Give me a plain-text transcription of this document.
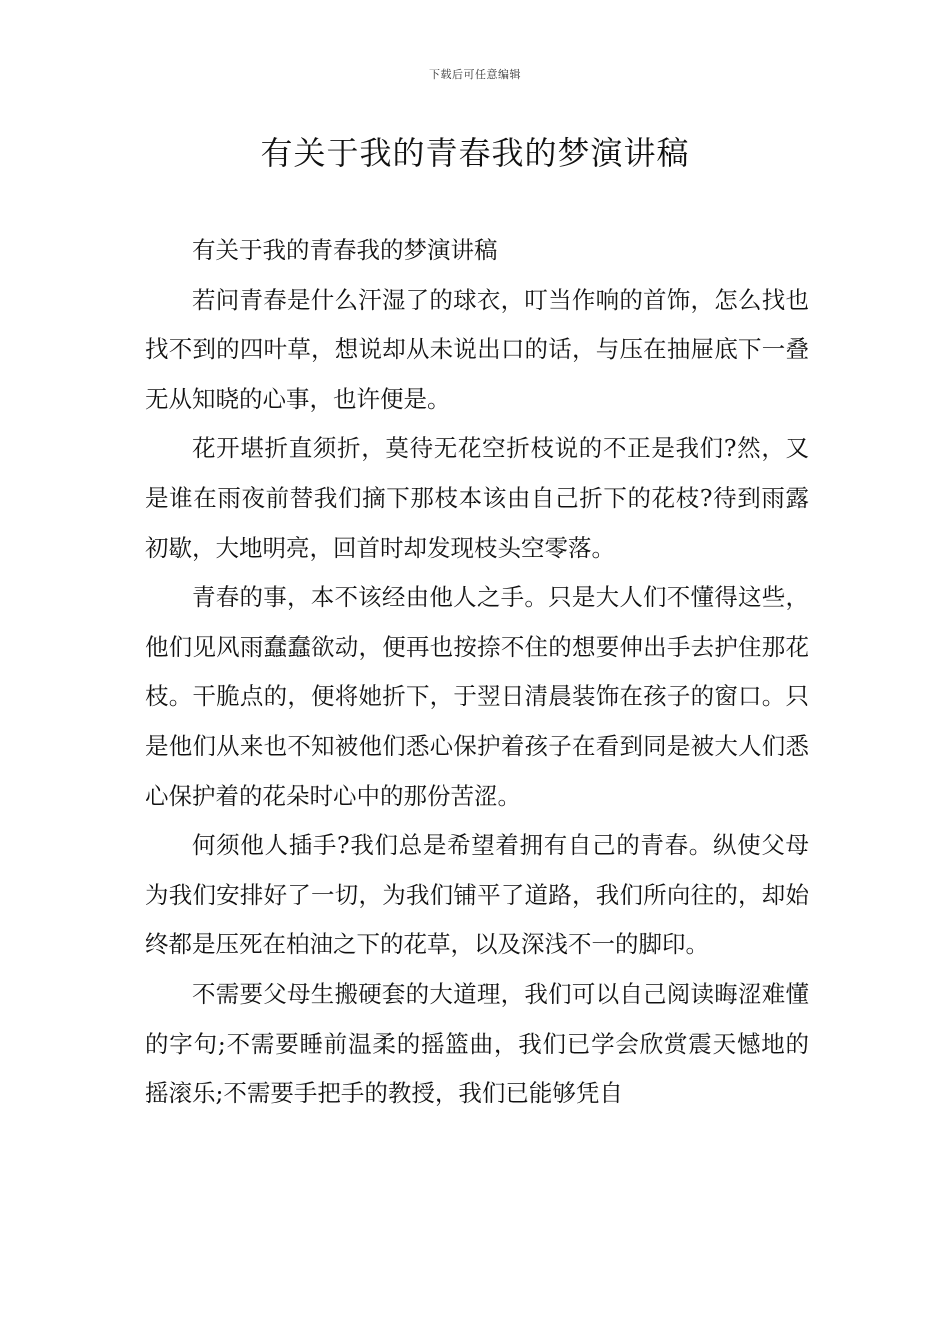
下载后可任意编辑
有关于我的青春我的梦演讲稿

有关于我的青春我的梦演讲稿

若问青春是什么汗湿了的球衣，叮当作响的首饰，怎么找也找不到的四叶草，想说却从未说出口的话，与压在抽屉底下一叠无从知晓的心事，也许便是。

花开堪折直须折，莫待无花空折枝说的不正是我们?然，又是谁在雨夜前替我们摘下那枝本该由自己折下的花枝?待到雨露初歇，大地明亮，回首时却发现枝头空零落。

青春的事，本不该经由他人之手。只是大人们不懂得这些，他们见风雨蠢蠢欲动，便再也按捺不住的想要伸出手去护住那花枝。干脆点的，便将她折下，于翌日清晨装饰在孩子的窗口。只是他们从来也不知被他们悉心保护着孩子在看到同是被大人们悉心保护着的花朵时心中的那份苦涩。

何须他人插手?我们总是希望着拥有自己的青春。纵使父母为我们安排好了一切，为我们铺平了道路，我们所向往的，却始终都是压死在柏油之下的花草，以及深浅不一的脚印。

不需要父母生搬硬套的大道理，我们可以自己阅读晦涩难懂的字句;不需要睡前温柔的摇篮曲，我们已学会欣赏震天憾地的摇滚乐;不需要手把手的教授，我们已能够凭自
